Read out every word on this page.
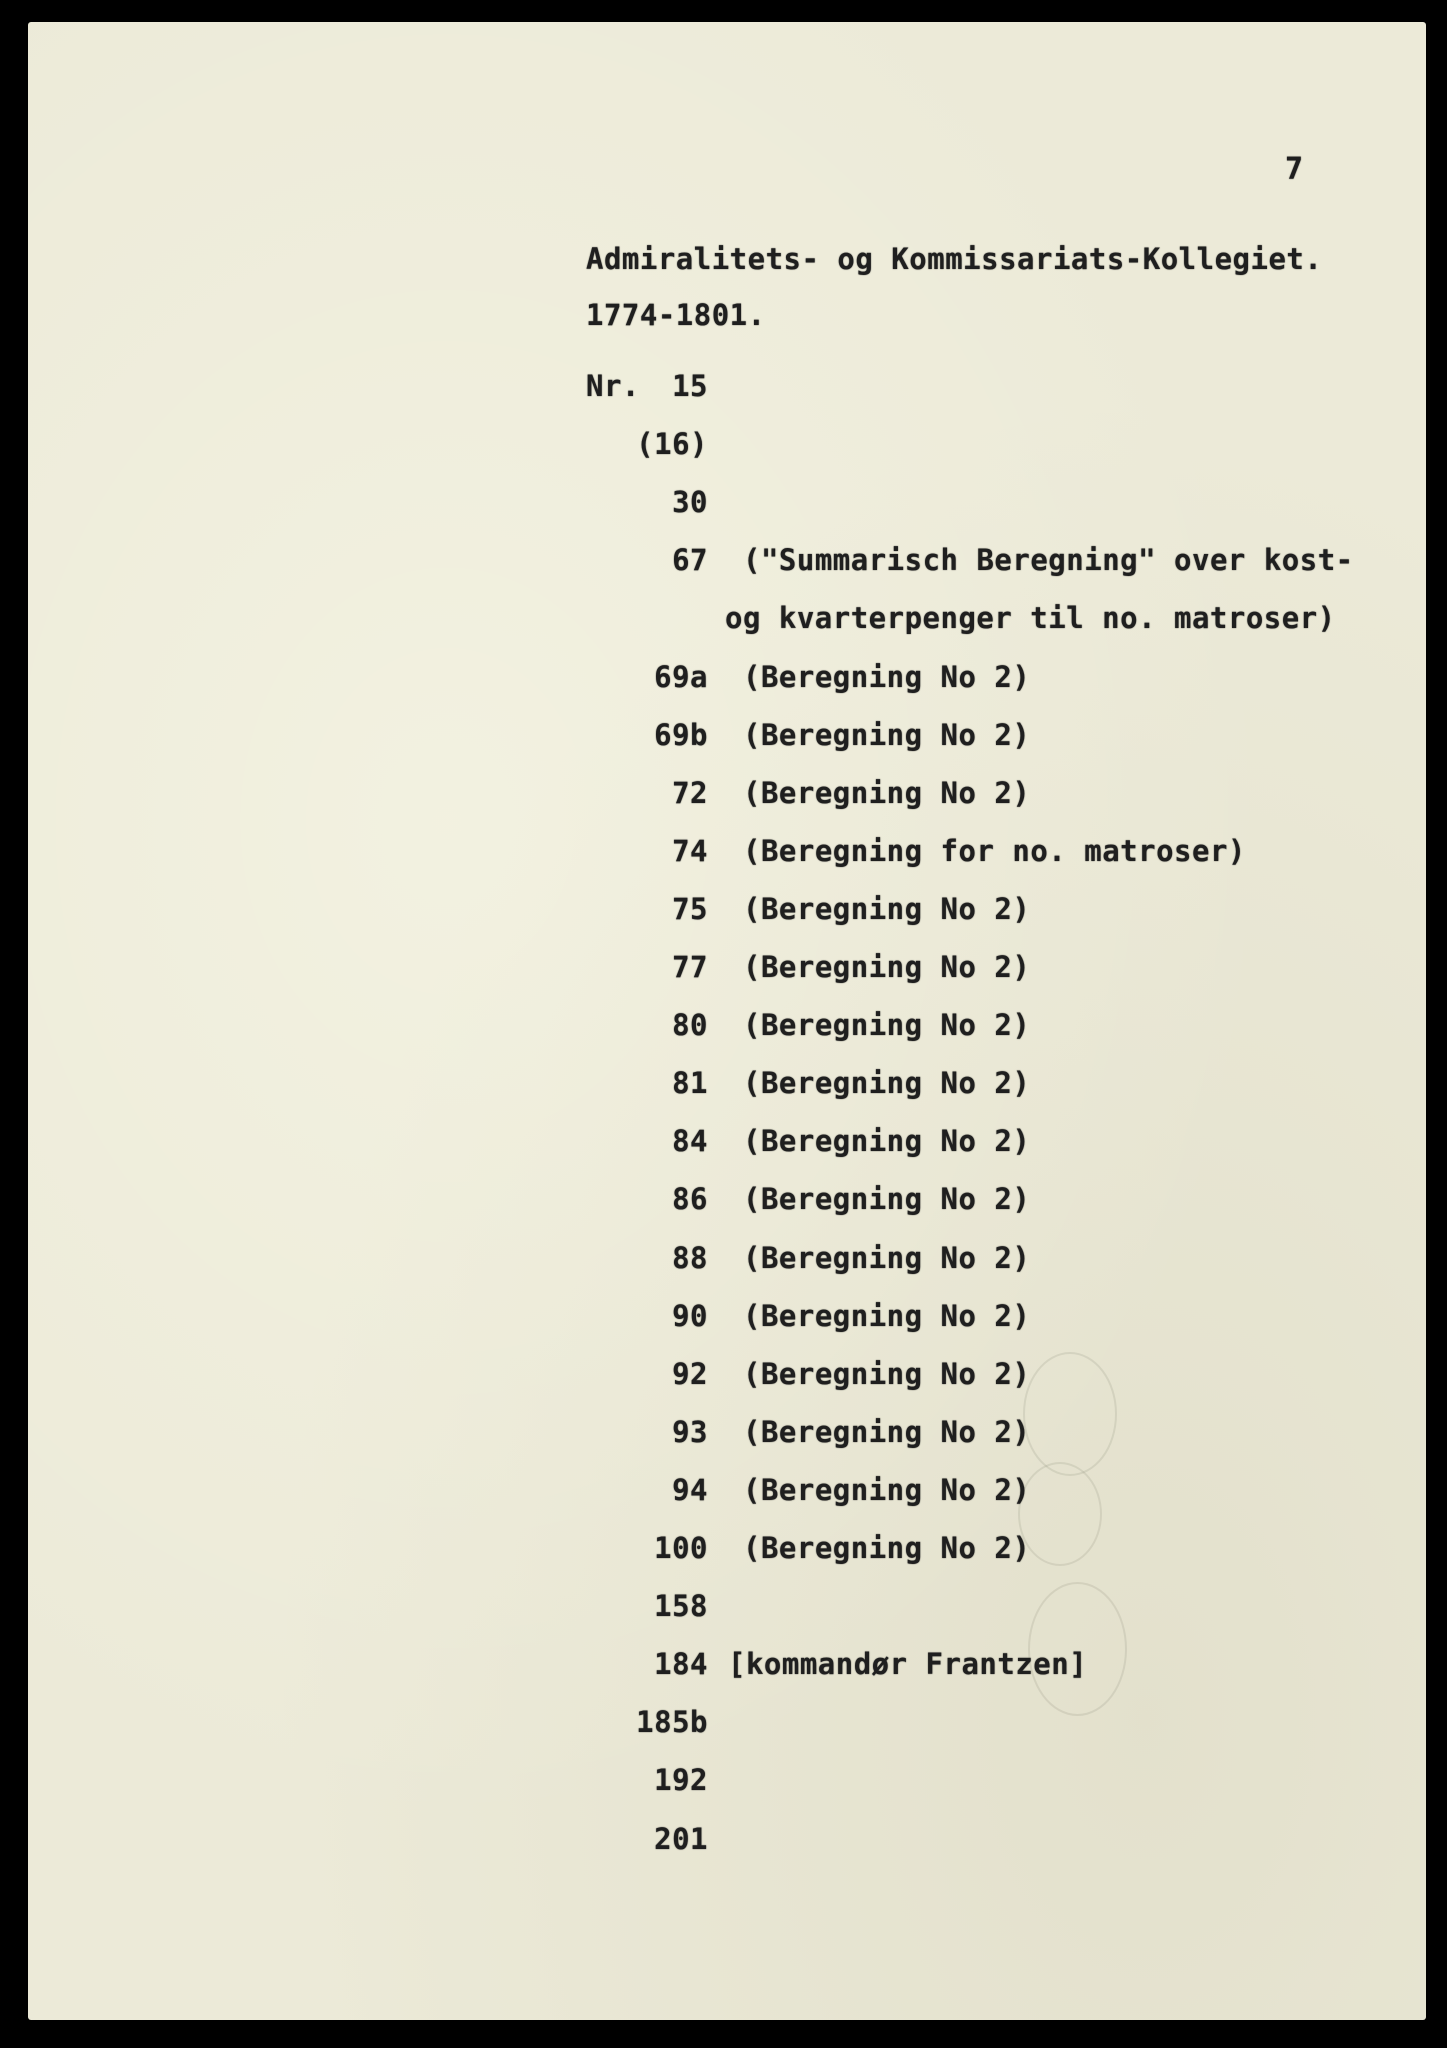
7
Admiralitets- og Kommissariats-Kollegiet.
1774-1801.
Nr.	15
(16)
30
67 ("Summarisch Beregning" over kost-
og kvarterpenger til no. matroser)
69a (Beregning No 2)
69b (Beregning No 2)
72 (Beregning No 2)
74 (Beregning for no. matroser)
75 (Beregning No 2)
77 (Beregning No 2)
80 (Beregning No 2)
81 (Beregning No 2)
84 (Beregning No 2)
86 (Beregning No 2)
88 (Beregning No 2)
90 (Beregning No 2)
92 (Beregning No 2)
93 (Beregning No 2)
94 (Beregning No 2)
100 (Beregning No 2)
158
184 [kommandør Frantzen]
185b
192
201
